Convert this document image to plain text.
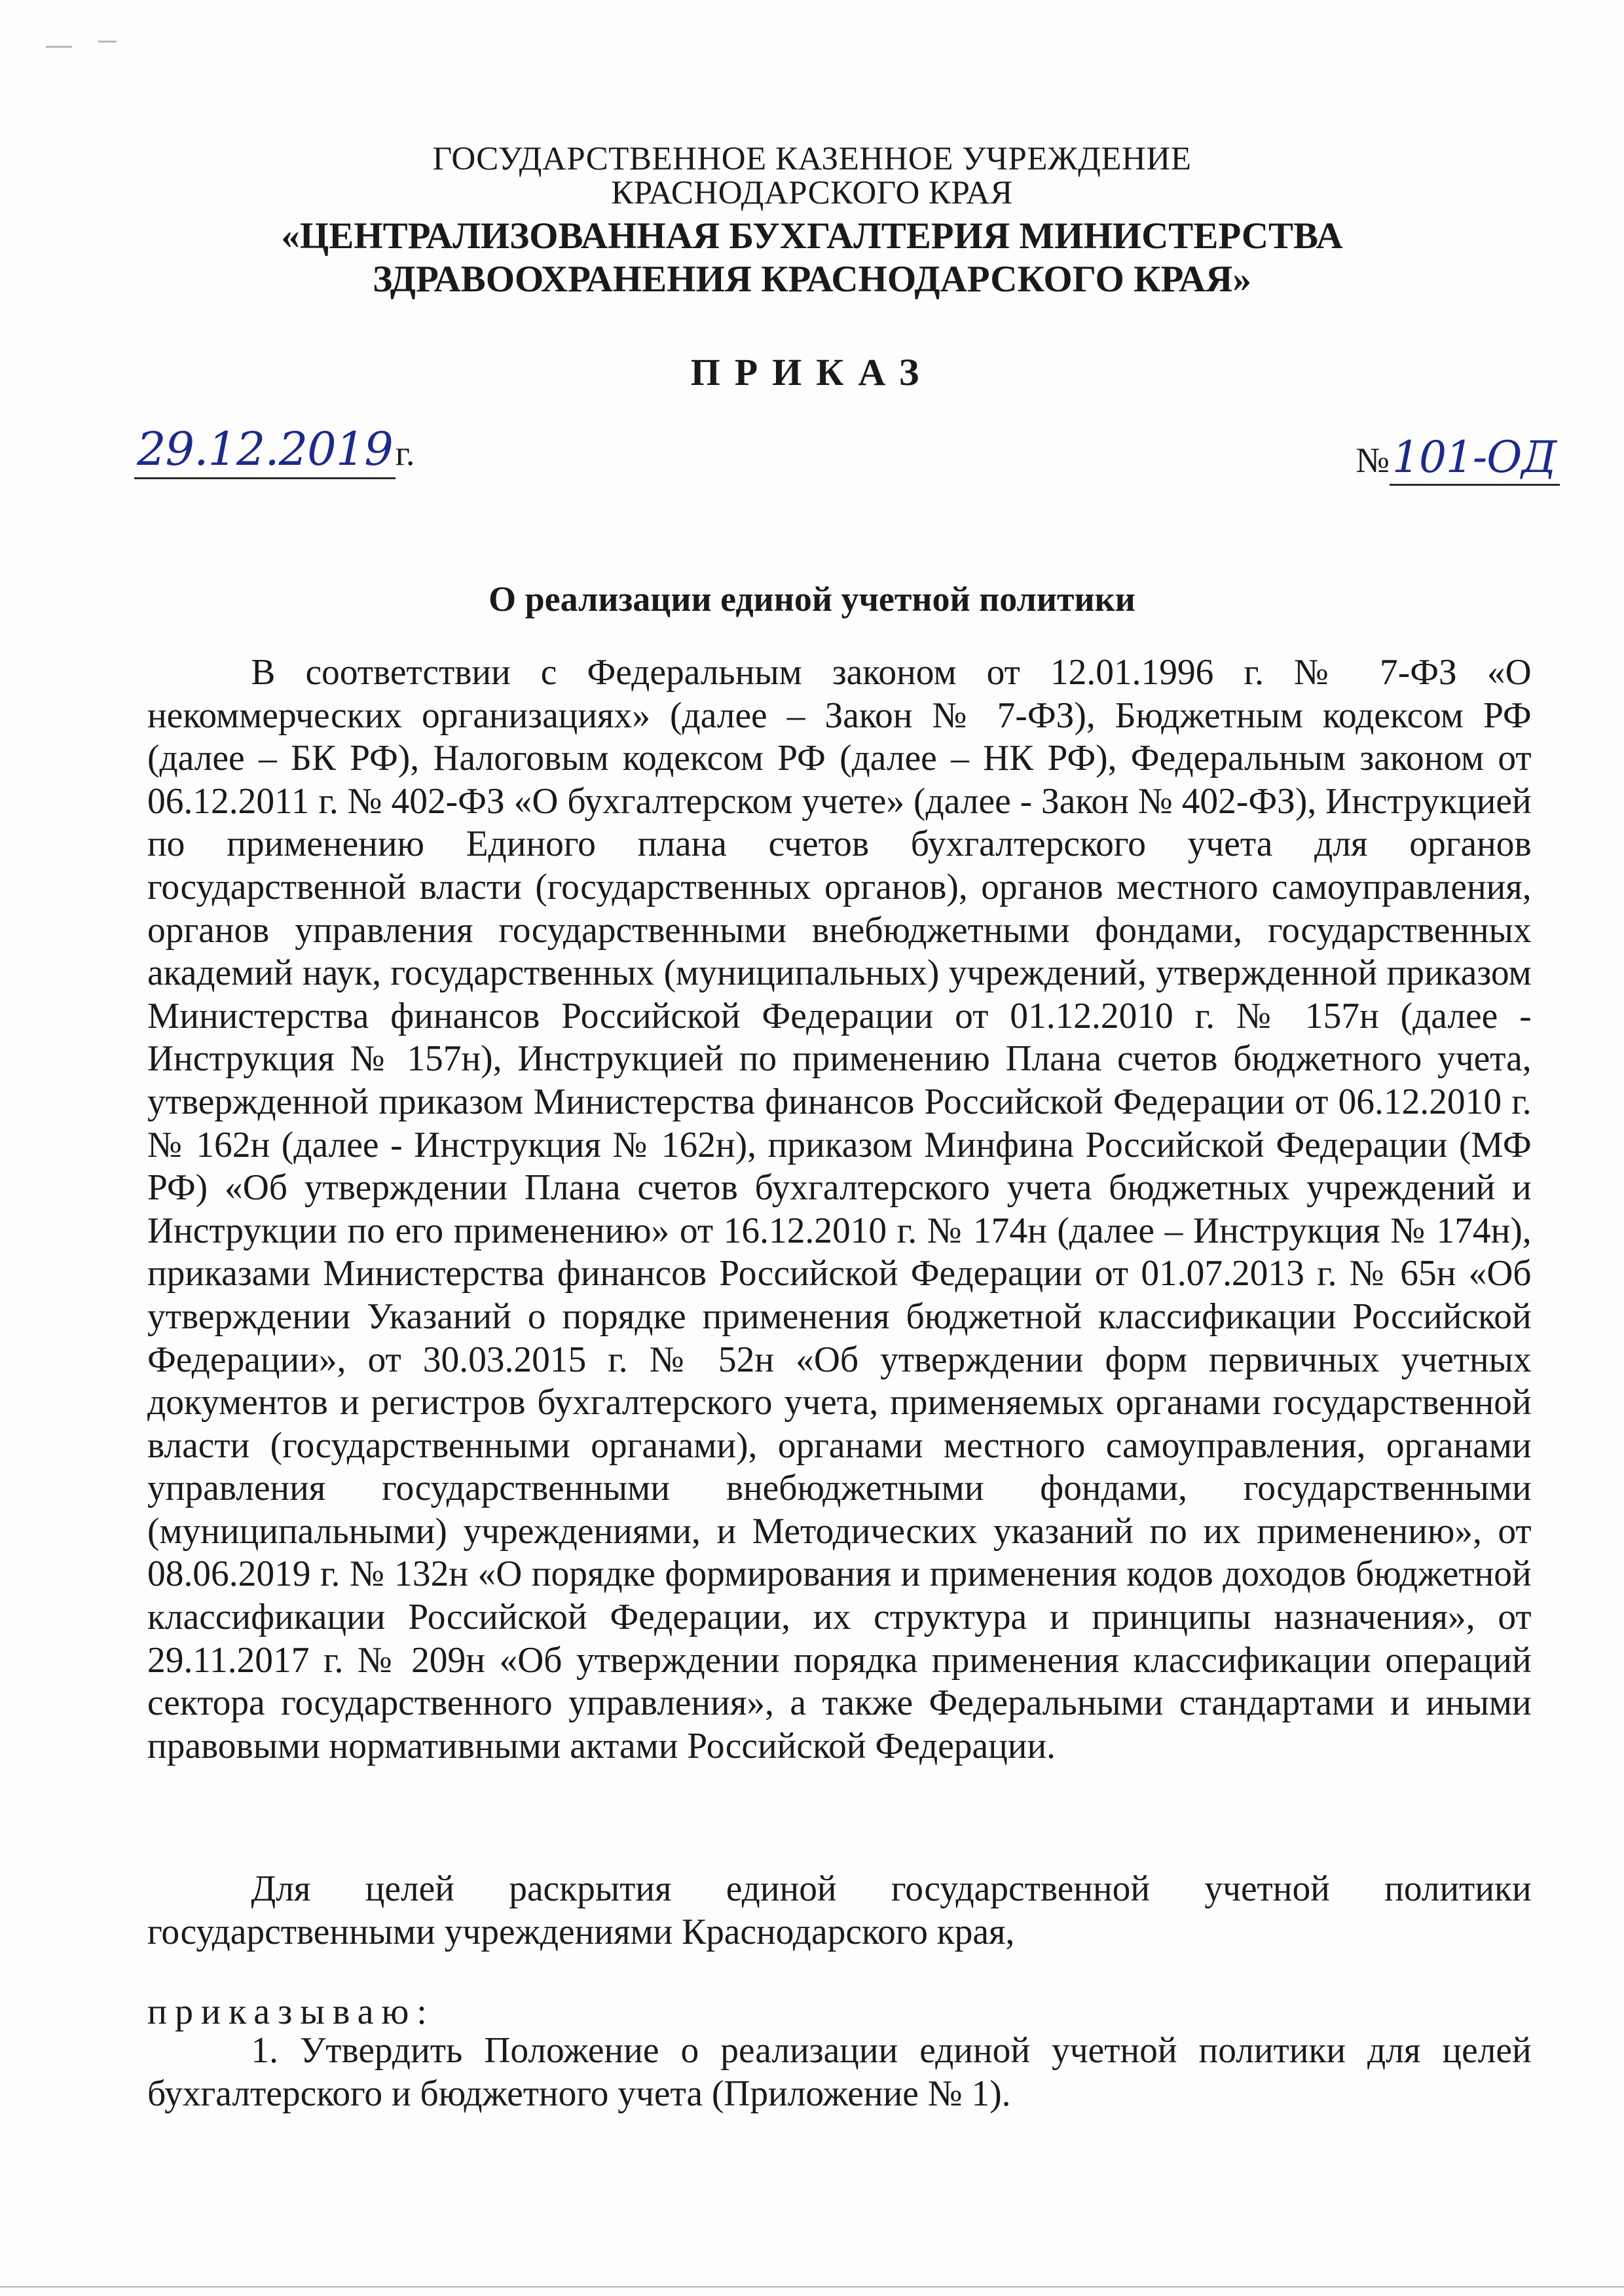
ГОСУДАРСТВЕННОЕ КАЗЕННОЕ УЧРЕЖДЕНИЕ
КРАСНОДАРСКОГО КРАЯ
«ЦЕНТРАЛИЗОВАННАЯ БУХГАЛТЕРИЯ МИНИСТЕРСТВА
ЗДРАВООХРАНЕНИЯ КРАСНОДАРСКОГО КРАЯ»
ПРИКАЗ
29.12.2019г.	№101-ОД
О реализации единой учетной политики
В соответствии с Федеральным законом от 12.01.1996 г. № 7-ФЗ «О некоммерческих организациях» (далее – Закон № 7-ФЗ), Бюджетным кодексом РФ (далее – БК РФ), Налоговым кодексом РФ (далее – НК РФ), Федеральным законом от 06.12.2011 г. № 402-ФЗ «О бухгалтерском учете» (далее - Закон № 402-ФЗ), Инструкцией по применению Единого плана счетов бухгалтерского учета для органов государственной власти (государственных органов), органов местного самоуправления, органов управления государственными внебюджетными фондами, государственных академий наук, государственных (муниципальных) учреждений, утвержденной приказом Министерства финансов Российской Федерации от 01.12.2010 г. № 157н (далее - Инструкция № 157н), Инструкцией по применению Плана счетов бюджетного учета, утвержденной приказом Министерства финансов Российской Федерации от 06.12.2010 г. № 162н (далее - Инструкция № 162н), приказом Минфина Российской Федерации (МФ РФ) «Об утверждении Плана счетов бухгалтерского учета бюджетных учреждений и Инструкции по его применению» от 16.12.2010 г. № 174н (далее – Инструкция № 174н), приказами Министерства финансов Российской Федерации от 01.07.2013 г. № 65н «Об утверждении Указаний о порядке применения бюджетной классификации Российской Федерации», от 30.03.2015 г. № 52н «Об утверждении форм первичных учетных документов и регистров бухгалтерского учета, применяемых органами государственной власти (государственными органами), органами местного самоуправления, органами управления государственными внебюджетными фондами, государственными (муниципальными) учреждениями, и Методических указаний по их применению», от 08.06.2019 г. № 132н «О порядке формирования и применения кодов доходов бюджетной классификации Российской Федерации, их структура и принципы назначения», от 29.11.2017 г. № 209н «Об утверждении порядка применения классификации операций сектора государственного управления», а также Федеральными стандартами и иными правовыми нормативными актами Российской Федерации.
Для целей раскрытия единой государственной учетной политики государственными учреждениями Краснодарского края,
приказываю:
1. Утвердить Положение о реализации единой учетной политики для целей бухгалтерского и бюджетного учета (Приложение № 1).
